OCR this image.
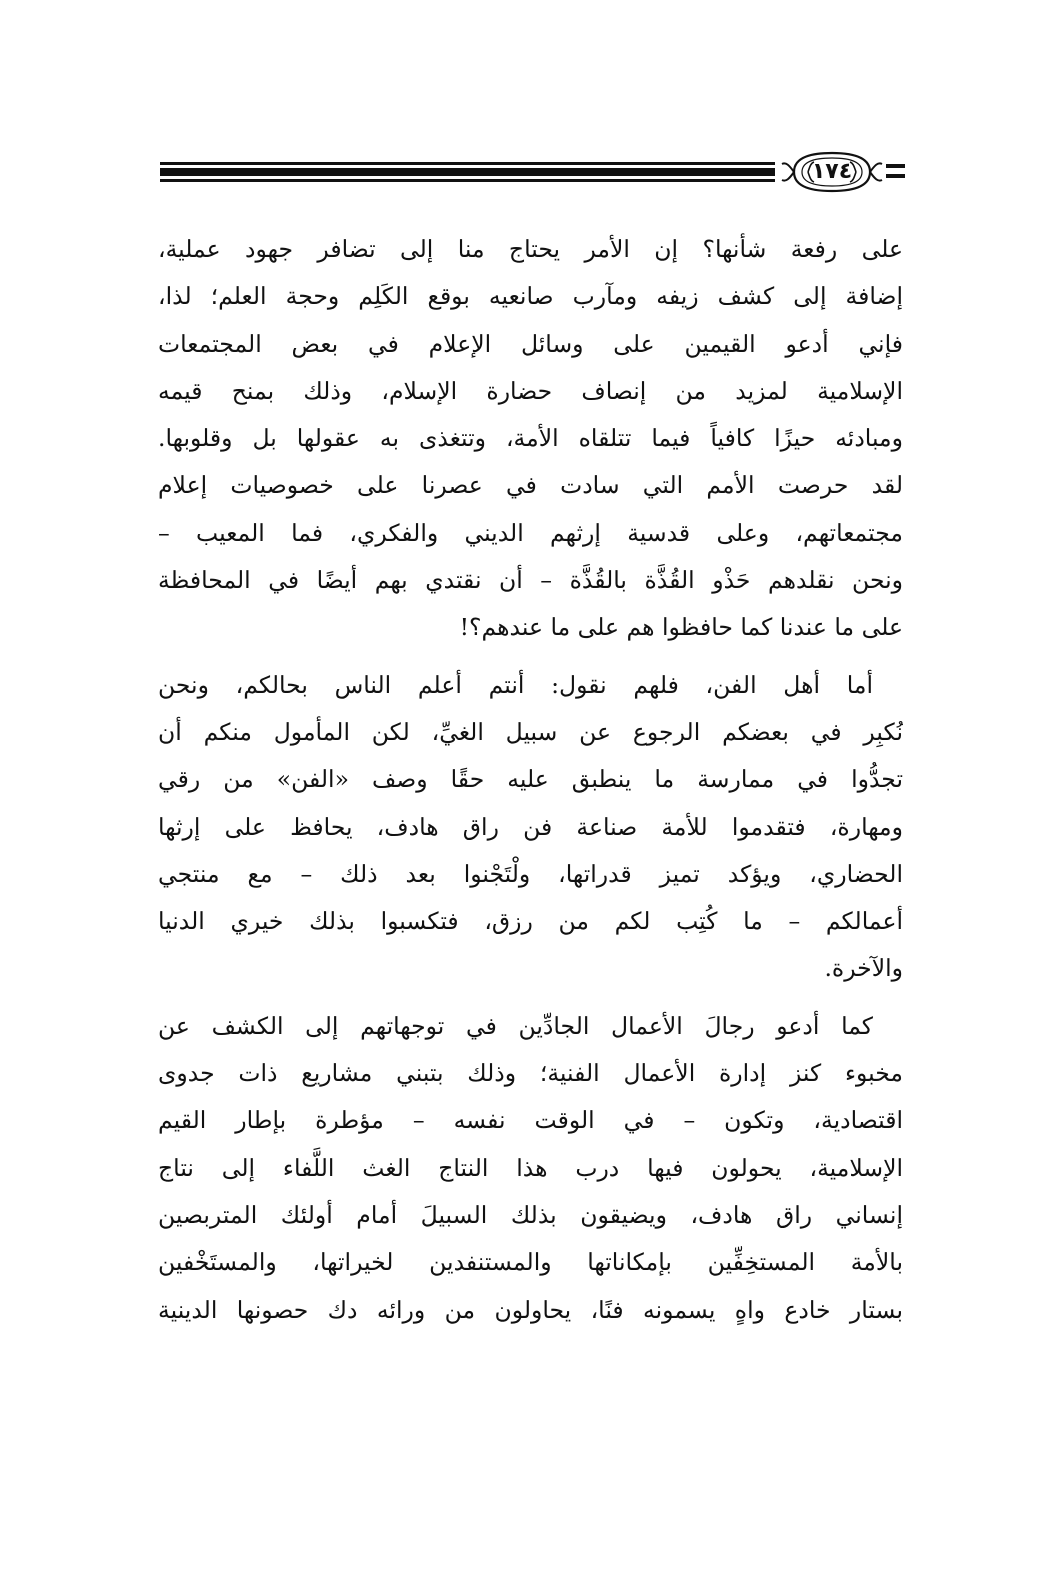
١٧٤

على رفعة شأنها؟ إن الأمر يحتاج منا إلى تضافر جهود عملية،
إضافة إلى كشف زيفه ومآرب صانعيه بوقع الكَلِم وحجة العلم؛ لذا،
فإني أدعو القيمين على وسائل الإعلام في بعض المجتمعات
الإسلامية لمزيد من إنصاف حضارة الإسلام، وذلك بمنح قيمه
ومبادئه حيزًا كافياً فيما تتلقاه الأمة، وتتغذى به عقولها بل وقلوبها.
لقد حرصت الأمم التي سادت في عصرنا على خصوصيات إعلام
مجتمعاتهم، وعلى قدسية إرثهم الديني والفكري، فما المعيب –
ونحن نقلدهم حَذْو القُذَّة بالقُذَّة – أن نقتدي بهم أيضًا في المحافظة
على ما عندنا كما حافظوا هم على ما عندهم؟!

أما أهل الفن، فلهم نقول: أنتم أعلم الناس بحالكم، ونحن
نُكبِر في بعضكم الرجوع عن سبيل الغيِّ، لكن المأمول منكم أن
تجدُّوا في ممارسة ما ينطبق عليه حقًا وصف «الفن» من رقي
ومهارة، فتقدموا للأمة صناعة فن راق هادف، يحافظ على إرثها
الحضاري، ويؤكد تميز قدراتها، ولْتَجْنوا بعد ذلك – مع منتجي
أعمالكم – ما كُتِب لكم من رزق، فتكسبوا بذلك خيري الدنيا
والآخرة.

كما أدعو رجالَ الأعمال الجادِّين في توجهاتهم إلى الكشف عن
مخبوء كنز إدارة الأعمال الفنية؛ وذلك بتبني مشاريع ذات جدوى
اقتصادية، وتكون – في الوقت نفسه – مؤطرة بإطار القيم
الإسلامية، يحولون فيها درب هذا النتاج الغث اللَّفاء إلى نتاج
إنساني راق هادف، ويضيقون بذلك السبيلَ أمام أولئك المتربصين
بالأمة المستخِفِّين بإمكاناتها والمستنفدين لخيراتها، والمستَخْفين
بستار خادع واهٍ يسمونه فنًا، يحاولون من ورائه دك حصونها الدينية
